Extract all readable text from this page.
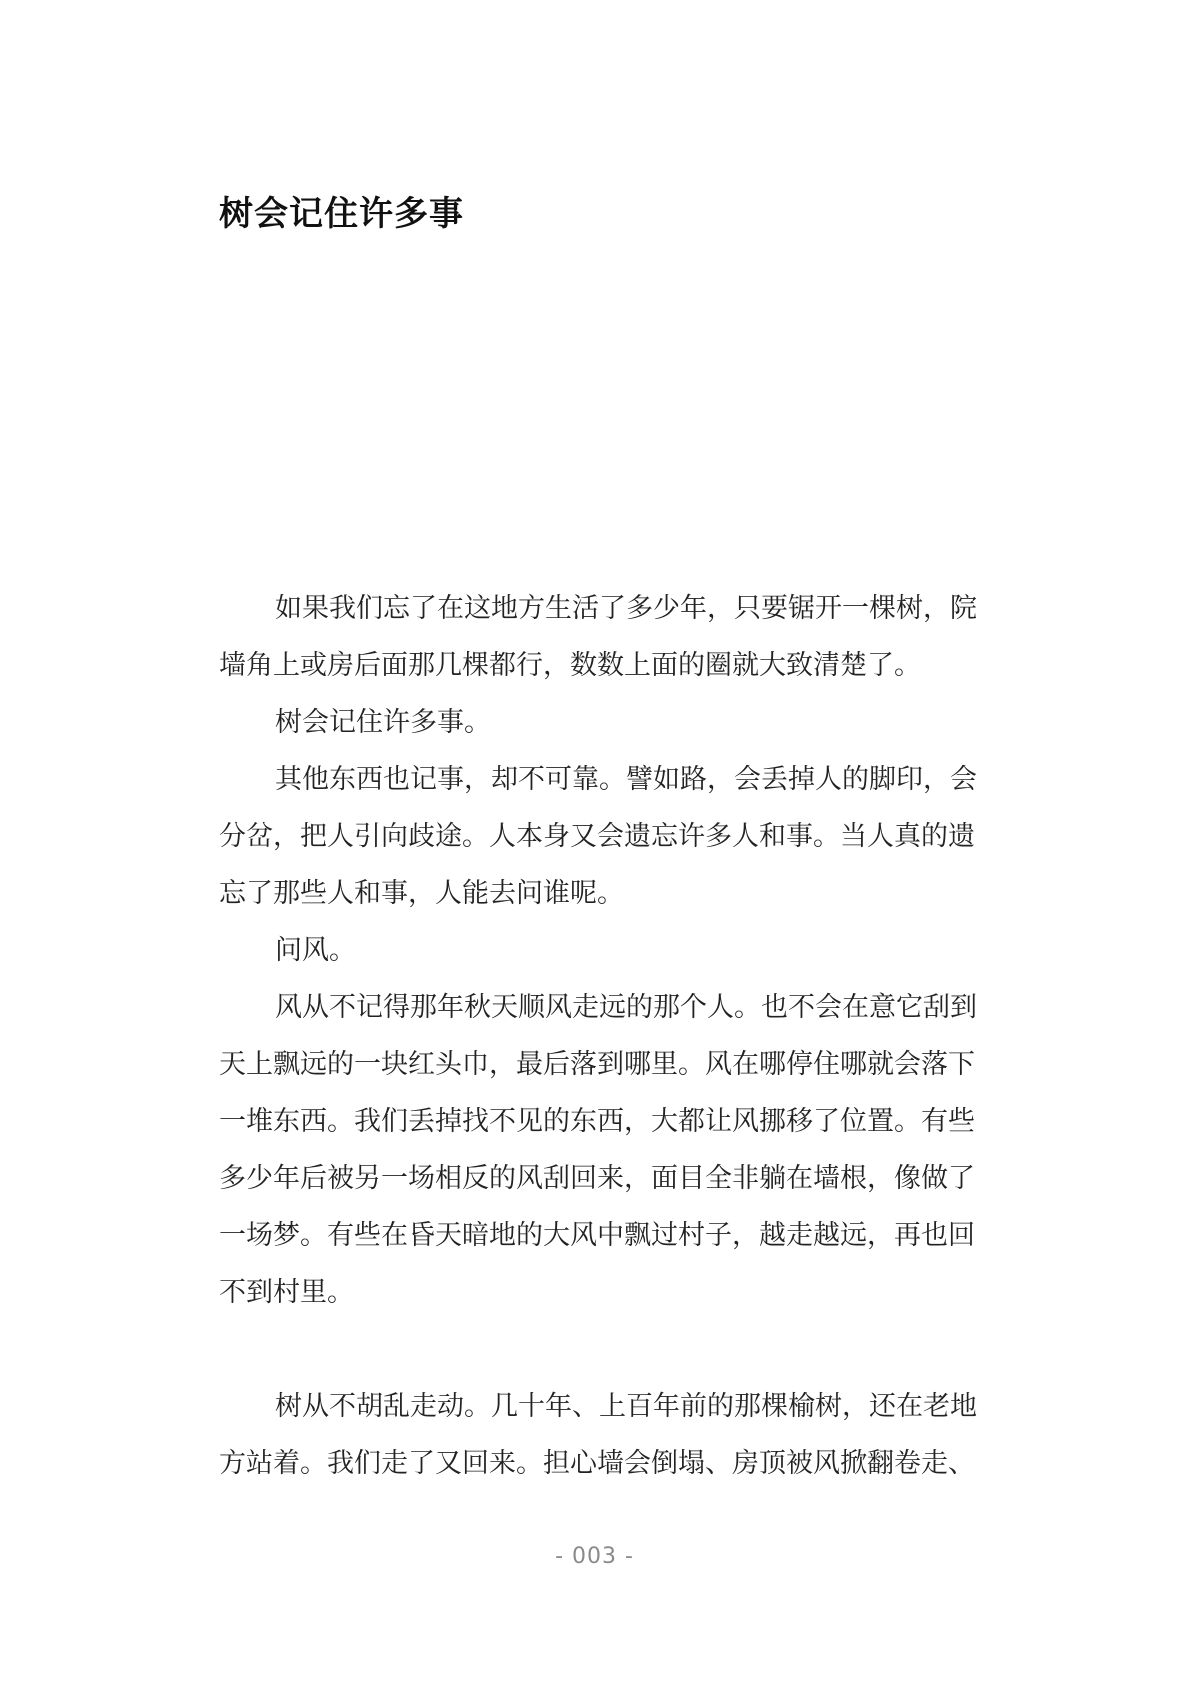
树会记住许多事

如果我们忘了在这地方生活了多少年，只要锯开一棵树，院墙角上或房后面那几棵都行，数数上面的圈就大致清楚了。

树会记住许多事。

其他东西也记事，却不可靠。譬如路，会丢掉人的脚印，会分岔，把人引向歧途。人本身又会遗忘许多人和事。当人真的遗忘了那些人和事，人能去问谁呢。

问风。

风从不记得那年秋天顺风走远的那个人。也不会在意它刮到天上飘远的一块红头巾，最后落到哪里。风在哪停住哪就会落下一堆东西。我们丢掉找不见的东西，大都让风挪移了位置。有些多少年后被另一场相反的风刮回来，面目全非躺在墙根，像做了一场梦。有些在昏天暗地的大风中飘过村子，越走越远，再也回不到村里。

树从不胡乱走动。几十年、上百年前的那棵榆树，还在老地方站着。我们走了又回来。担心墙会倒塌、房顶被风掀翻卷走、

- 003 -
